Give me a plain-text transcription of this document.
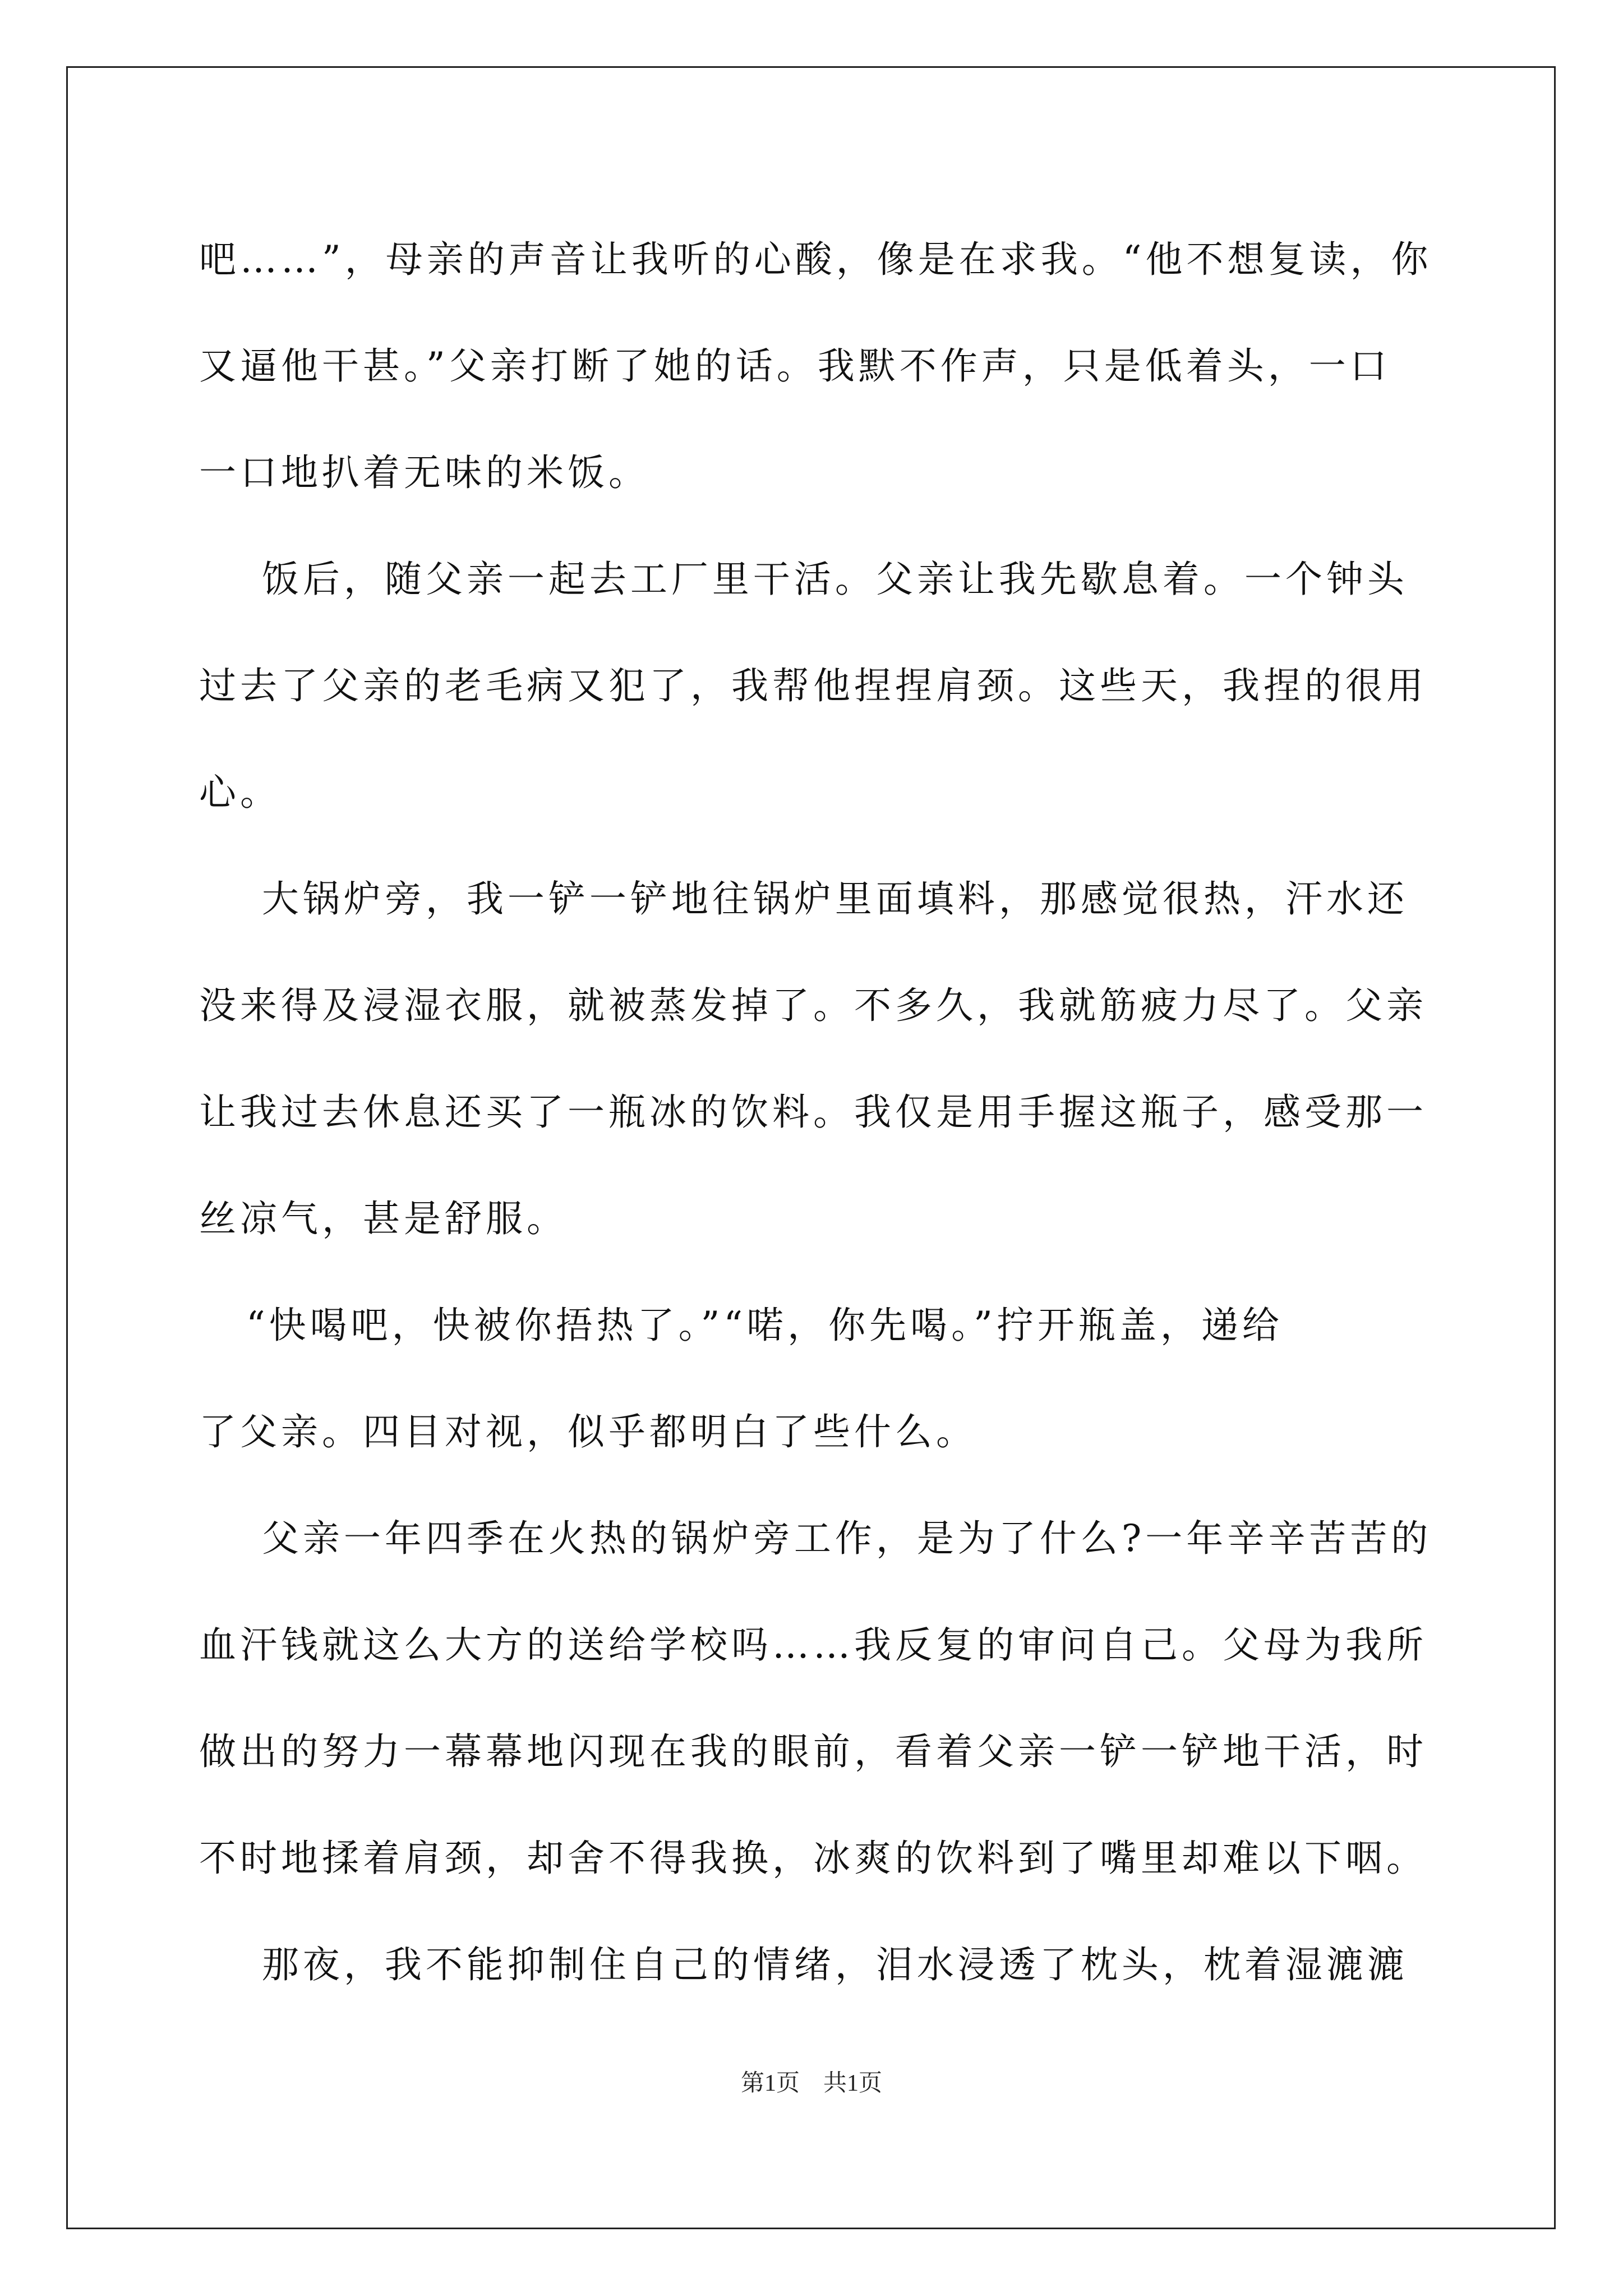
吧……”，母亲的声音让我听的心酸，像是在求我。“他不想复读，你
又逼他干甚。”父亲打断了她的话。我默不作声，只是低着头，一口
一口地扒着无味的米饭。
饭后，随父亲一起去工厂里干活。父亲让我先歇息着。一个钟头
过去了父亲的老毛病又犯了，我帮他捏捏肩颈。这些天，我捏的很用
心。
大锅炉旁，我一铲一铲地往锅炉里面填料，那感觉很热，汗水还
没来得及浸湿衣服，就被蒸发掉了。不多久，我就筋疲力尽了。父亲
让我过去休息还买了一瓶冰的饮料。我仅是用手握这瓶子，感受那一
丝凉气，甚是舒服。
“快喝吧，快被你捂热了。”“喏，你先喝。”拧开瓶盖，递给
了父亲。四目对视，似乎都明白了些什么。
父亲一年四季在火热的锅炉旁工作，是为了什么?一年辛辛苦苦的
血汗钱就这么大方的送给学校吗……我反复的审问自己。父母为我所
做出的努力一幕幕地闪现在我的眼前，看着父亲一铲一铲地干活，时
不时地揉着肩颈，却舍不得我换，冰爽的饮料到了嘴里却难以下咽。
那夜，我不能抑制住自己的情绪，泪水浸透了枕头，枕着湿漉漉
第1页　共1页
